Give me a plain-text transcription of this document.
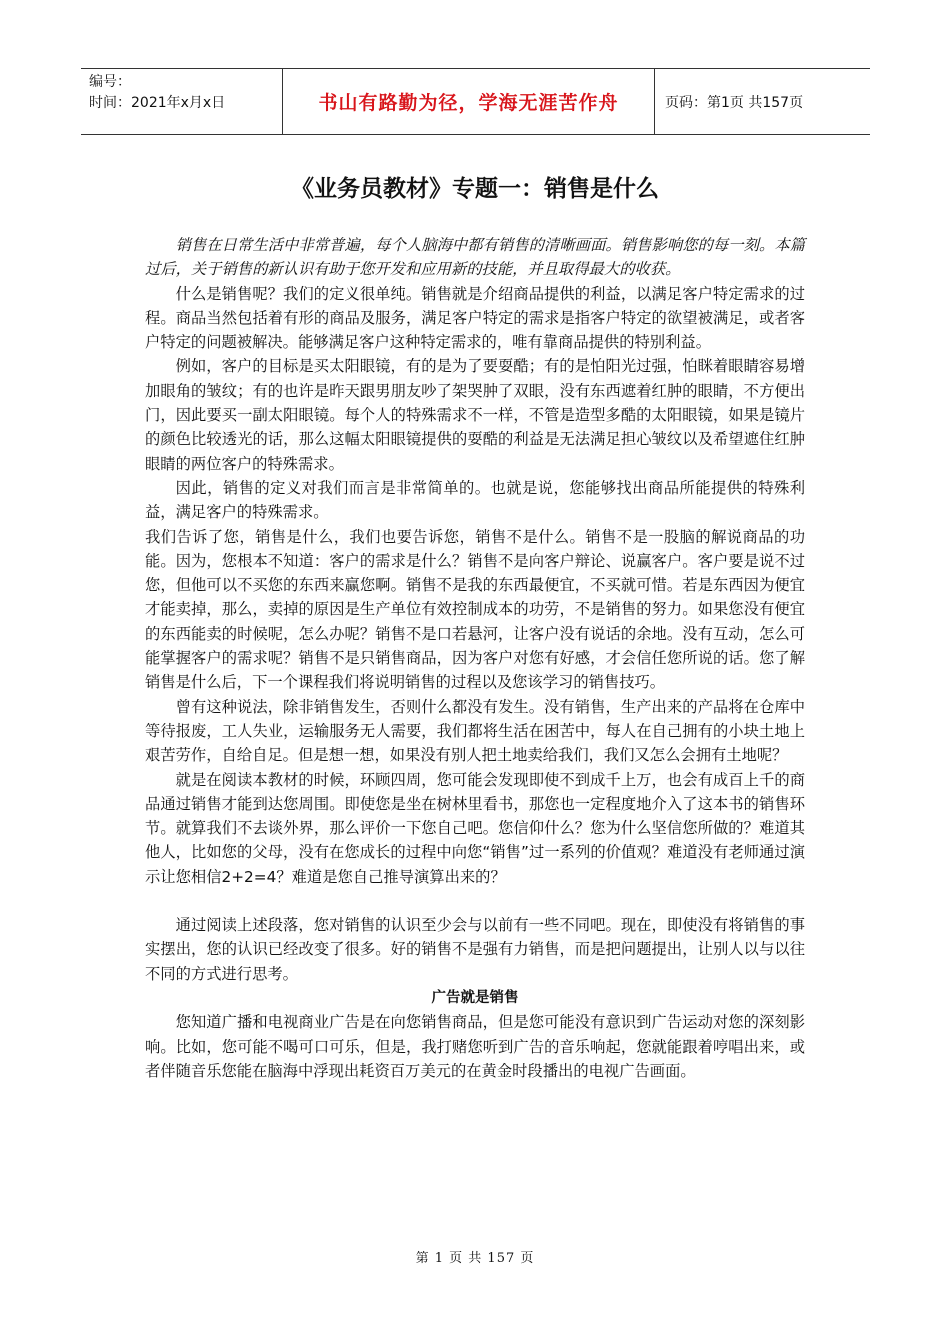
编号：
时间：2021年x月x日	书山有路勤为径，学海无涯苦作舟	页码：第1页 共157页
《业务员教材》专题一：销售是什么

销售在日常生活中非常普遍，每个人脑海中都有销售的清晰画面。销售影响您的每一刻。本篇过后，关于销售的新认识有助于您开发和应用新的技能，并且取得最大的收获。

什么是销售呢？我们的定义很单纯。销售就是介绍商品提供的利益，以满足客户特定需求的过程。商品当然包括着有形的商品及服务，满足客户特定的需求是指客户特定的欲望被满足，或者客户特定的问题被解决。能够满足客户这种特定需求的，唯有靠商品提供的特别利益。

例如，客户的目标是买太阳眼镜，有的是为了要耍酷；有的是怕阳光过强，怕眯着眼睛容易增加眼角的皱纹；有的也许是昨天跟男朋友吵了架哭肿了双眼，没有东西遮着红肿的眼睛，不方便出门，因此要买一副太阳眼镜。每个人的特殊需求不一样，不管是造型多酷的太阳眼镜，如果是镜片的颜色比较透光的话，那么这幅太阳眼镜提供的耍酷的利益是无法满足担心皱纹以及希望遮住红肿眼睛的两位客户的特殊需求。

因此，销售的定义对我们而言是非常简单的。也就是说，您能够找出商品所能提供的特殊利益，满足客户的特殊需求。

我们告诉了您，销售是什么，我们也要告诉您，销售不是什么。销售不是一股脑的解说商品的功能。因为，您根本不知道：客户的需求是什么？销售不是向客户辩论、说赢客户。客户要是说不过您，但他可以不买您的东西来赢您啊。销售不是我的东西最便宜，不买就可惜。若是东西因为便宜才能卖掉，那么，卖掉的原因是生产单位有效控制成本的功劳，不是销售的努力。如果您没有便宜的东西能卖的时候呢，怎么办呢？销售不是口若悬河，让客户没有说话的余地。没有互动，怎么可能掌握客户的需求呢？销售不是只销售商品，因为客户对您有好感，才会信任您所说的话。您了解销售是什么后，下一个课程我们将说明销售的过程以及您该学习的销售技巧。

曾有这种说法，除非销售发生，否则什么都没有发生。没有销售，生产出来的产品将在仓库中等待报废，工人失业，运输服务无人需要，我们都将生活在困苦中，每人在自己拥有的小块土地上艰苦劳作，自给自足。但是想一想，如果没有别人把土地卖给我们，我们又怎么会拥有土地呢？

就是在阅读本教材的时候，环顾四周，您可能会发现即使不到成千上万，也会有成百上千的商品通过销售才能到达您周围。即使您是坐在树林里看书，那您也一定程度地介入了这本书的销售环节。就算我们不去谈外界，那么评价一下您自己吧。您信仰什么？您为什么坚信您所做的？难道其他人，比如您的父母，没有在您成长的过程中向您“销售”过一系列的价值观？难道没有老师通过演示让您相信2+2=4？难道是您自己推导演算出来的？

通过阅读上述段落，您对销售的认识至少会与以前有一些不同吧。现在，即使没有将销售的事实摆出，您的认识已经改变了很多。好的销售不是强有力销售，而是把问题提出，让别人以与以往不同的方式进行思考。

广告就是销售

您知道广播和电视商业广告是在向您销售商品，但是您可能没有意识到广告运动对您的深刻影响。比如，您可能不喝可口可乐，但是，我打赌您听到广告的音乐响起，您就能跟着哼唱出来，或者伴随音乐您能在脑海中浮现出耗资百万美元的在黄金时段播出的电视广告画面。

第 1 页 共 157 页
